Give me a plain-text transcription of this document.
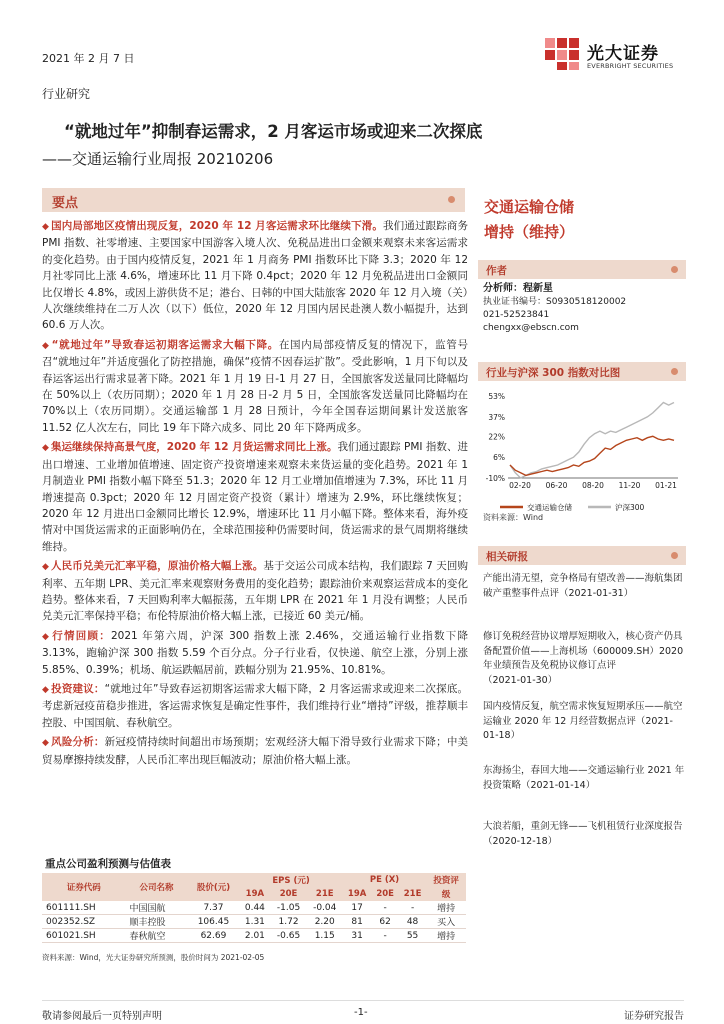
2021 年 2 月 7 日	光大证券
EVERBRIGHT SECURITIES
行业研究
“就地过年”抑制春运需求，2 月客运市场或迎来二次探底
——交通运输行业周报 20210206
要点

◆ 国内局部地区疫情出现反复，2020 年 12 月客运需求环比继续下滑。我们通过跟踪商务 PMI 指数、社零增速、主要国家中国游客入境人次、免税品进出口金额来观察未来客运需求的变化趋势。由于国内疫情反复，2021 年 1 月商务 PMI 指数环比下降 3.3；2020 年 12 月社零同比上涨 4.6%，增速环比 11 月下降 0.4pct；2020 年 12 月免税品进出口金额同比仅增长 4.8%，或因上游供货不足；港台、日韩的中国大陆旅客 2020 年 12 月入境（关）人次继续维持在二万人次（以下）低位，2020 年 12 月国内居民赴澳人数小幅提升，达到 60.6 万人次。

◆ “就地过年”导致春运初期客运需求大幅下降。在国内局部疫情反复的情况下，监管号召“就地过年”并适度强化了防控措施，确保“疫情不因春运扩散”。受此影响，1 月下旬以及春运客运出行需求显著下降。2021 年 1 月 19 日-1 月 27 日，全国旅客发送量同比降幅均在 50%以上（农历同期）；2020 年 1 月 28 日-2 月 5 日，全国旅客发送量同比降幅均在 70%以上（农历同期）。交通运输部 1 月 28 日预计，今年全国春运期间累计发送旅客 11.52 亿人次左右，同比 19 年下降六成多、同比 20 年下降两成多。

◆ 集运继续保持高景气度，2020 年 12 月货运需求同比上涨。我们通过跟踪 PMI 指数、进出口增速、工业增加值增速、固定资产投资增速来观察未来货运量的变化趋势。2021 年 1 月制造业 PMI 指数小幅下降至 51.3；2020 年 12 月工业增加值增速为 7.3%，环比 11 月增速提高 0.3pct；2020 年 12 月固定资产投资（累计）增速为 2.9%，环比继续恢复；2020 年 12 月进出口金额同比增长 12.9%，增速环比 11 月小幅下降。整体来看，海外疫情对中国货运需求的正面影响仍在，全球范围接种仍需要时间，货运需求的景气周期将继续维持。

◆ 人民币兑美元汇率平稳，原油价格大幅上涨。基于交运公司成本结构，我们跟踪 7 天回购利率、五年期 LPR、美元汇率来观察财务费用的变化趋势；跟踪油价来观察运营成本的变化趋势。整体来看，7 天回购利率大幅振荡，五年期 LPR 在 2021 年 1 月没有调整；人民币兑美元汇率保持平稳；布伦特原油价格大幅上涨，已接近 60 美元/桶。

◆ 行情回顾：2021 年第六周，沪深 300 指数上涨 2.46%，交通运输行业指数下降 3.13%，跑输沪深 300 指数 5.59 个百分点。分子行业看，仅快递、航空上涨，分别上涨 5.85%、0.39%；机场、航运跌幅居前，跌幅分别为 21.95%、10.81%。

◆ 投资建议：“就地过年”导致春运初期客运需求大幅下降，2 月客运需求或迎来二次探底。考虑新冠疫苗稳步推进，客运需求恢复是确定性事件，我们维持行业“增持”评级，推荐顺丰控股、中国国航、春秋航空。

◆ 风险分析：新冠疫情持续时间超出市场预期；宏观经济大幅下滑导致行业需求下降；中美贸易摩擦持续发酵，人民币汇率出现巨幅波动；原油价格大幅上涨。

交通运输仓储
增持（维持）
作者
分析师：程新星
执业证书编号：S0930518120002
021-52523841
chengxx@ebscn.com
行业与沪深 300 指数对比图
53%
37%
22%
6%
-10%
02-20 06-20 08-20 11-20 01-21
交通运输仓储	沪深300
资料来源：Wind
相关研报
产能出清无望，竞争格局有望改善——海航集团破产重整事件点评（2021-01-31）
修订免税经营协议增厚短期收入，核心资产仍具备配置价值——上海机场（600009.SH）2020 年业绩预告及免税协议修订点评（2021-01-30）
国内疫情反复，航空需求恢复短期承压——航空运输业 2020 年 12 月经营数据点评（2021-01-18）
东海扬尘，春回大地——交通运输行业 2021 年投资策略（2021-01-14）
大浪若船，重剑无锋——飞机租赁行业深度报告（2020-12-18）
重点公司盈利预测与估值表
证券代码	公司名称	股价(元)	EPS (元)			PE (X)			投资评
			19A	20E	21E	19A	20E	21E	级
601111.SH	中国国航	7.37	0.44	-1.05	-0.04	17	-	-	增持
002352.SZ	顺丰控股	106.45	1.31	1.72	2.20	81	62	48	买入
601021.SH	春秋航空	62.69	2.01	-0.65	1.15	31	-	55	增持
资料来源：Wind，光大证券研究所预测，股价时间为 2021-02-05
敬请参阅最后一页特别声明	-1-	证券研究报告
